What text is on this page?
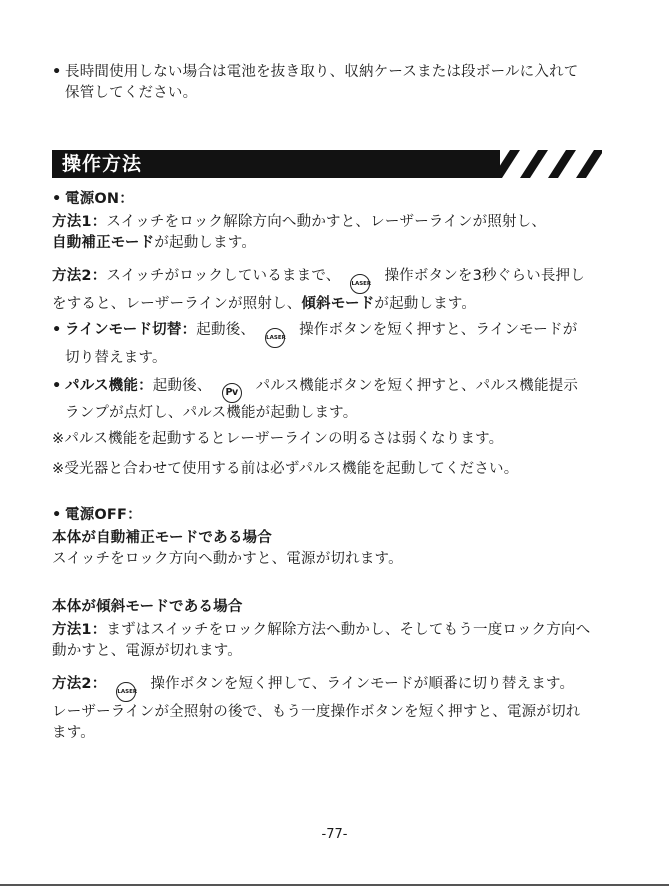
• 長時間使用しない場合は電池を抜き取り、収納ケースまたは段ボールに入れて
保管してください。
操作方法
• 電源ON：
方法1：スイッチをロック解除方向へ動かすと、レーザーラインが照射し、
自動補正モードが起動します。
方法2：スイッチがロックしているままで、 LASER 操作ボタンを3秒ぐらい長押し
をすると、レーザーラインが照射し、傾斜モードが起動します。
• ラインモード切替：起動後、 LASER 操作ボタンを短く押すと、ラインモードが
切り替えます。
• パルス機能：起動後、 Pv パルス機能ボタンを短く押すと、パルス機能提示
ランプが点灯し、パルス機能が起動します。
※パルス機能を起動するとレーザーラインの明るさは弱くなります。
※受光器と合わせて使用する前は必ずパルス機能を起動してください。
• 電源OFF：
本体が自動補正モードである場合
スイッチをロック方向へ動かすと、電源が切れます。
本体が傾斜モードである場合
方法1：まずはスイッチをロック解除方法へ動かし、そしてもう一度ロック方向へ
動かすと、電源が切れます。
方法2： LASER 操作ボタンを短く押して、ラインモードが順番に切り替えます。
レーザーラインが全照射の後で、もう一度操作ボタンを短く押すと、電源が切れ
ます。
-77-
